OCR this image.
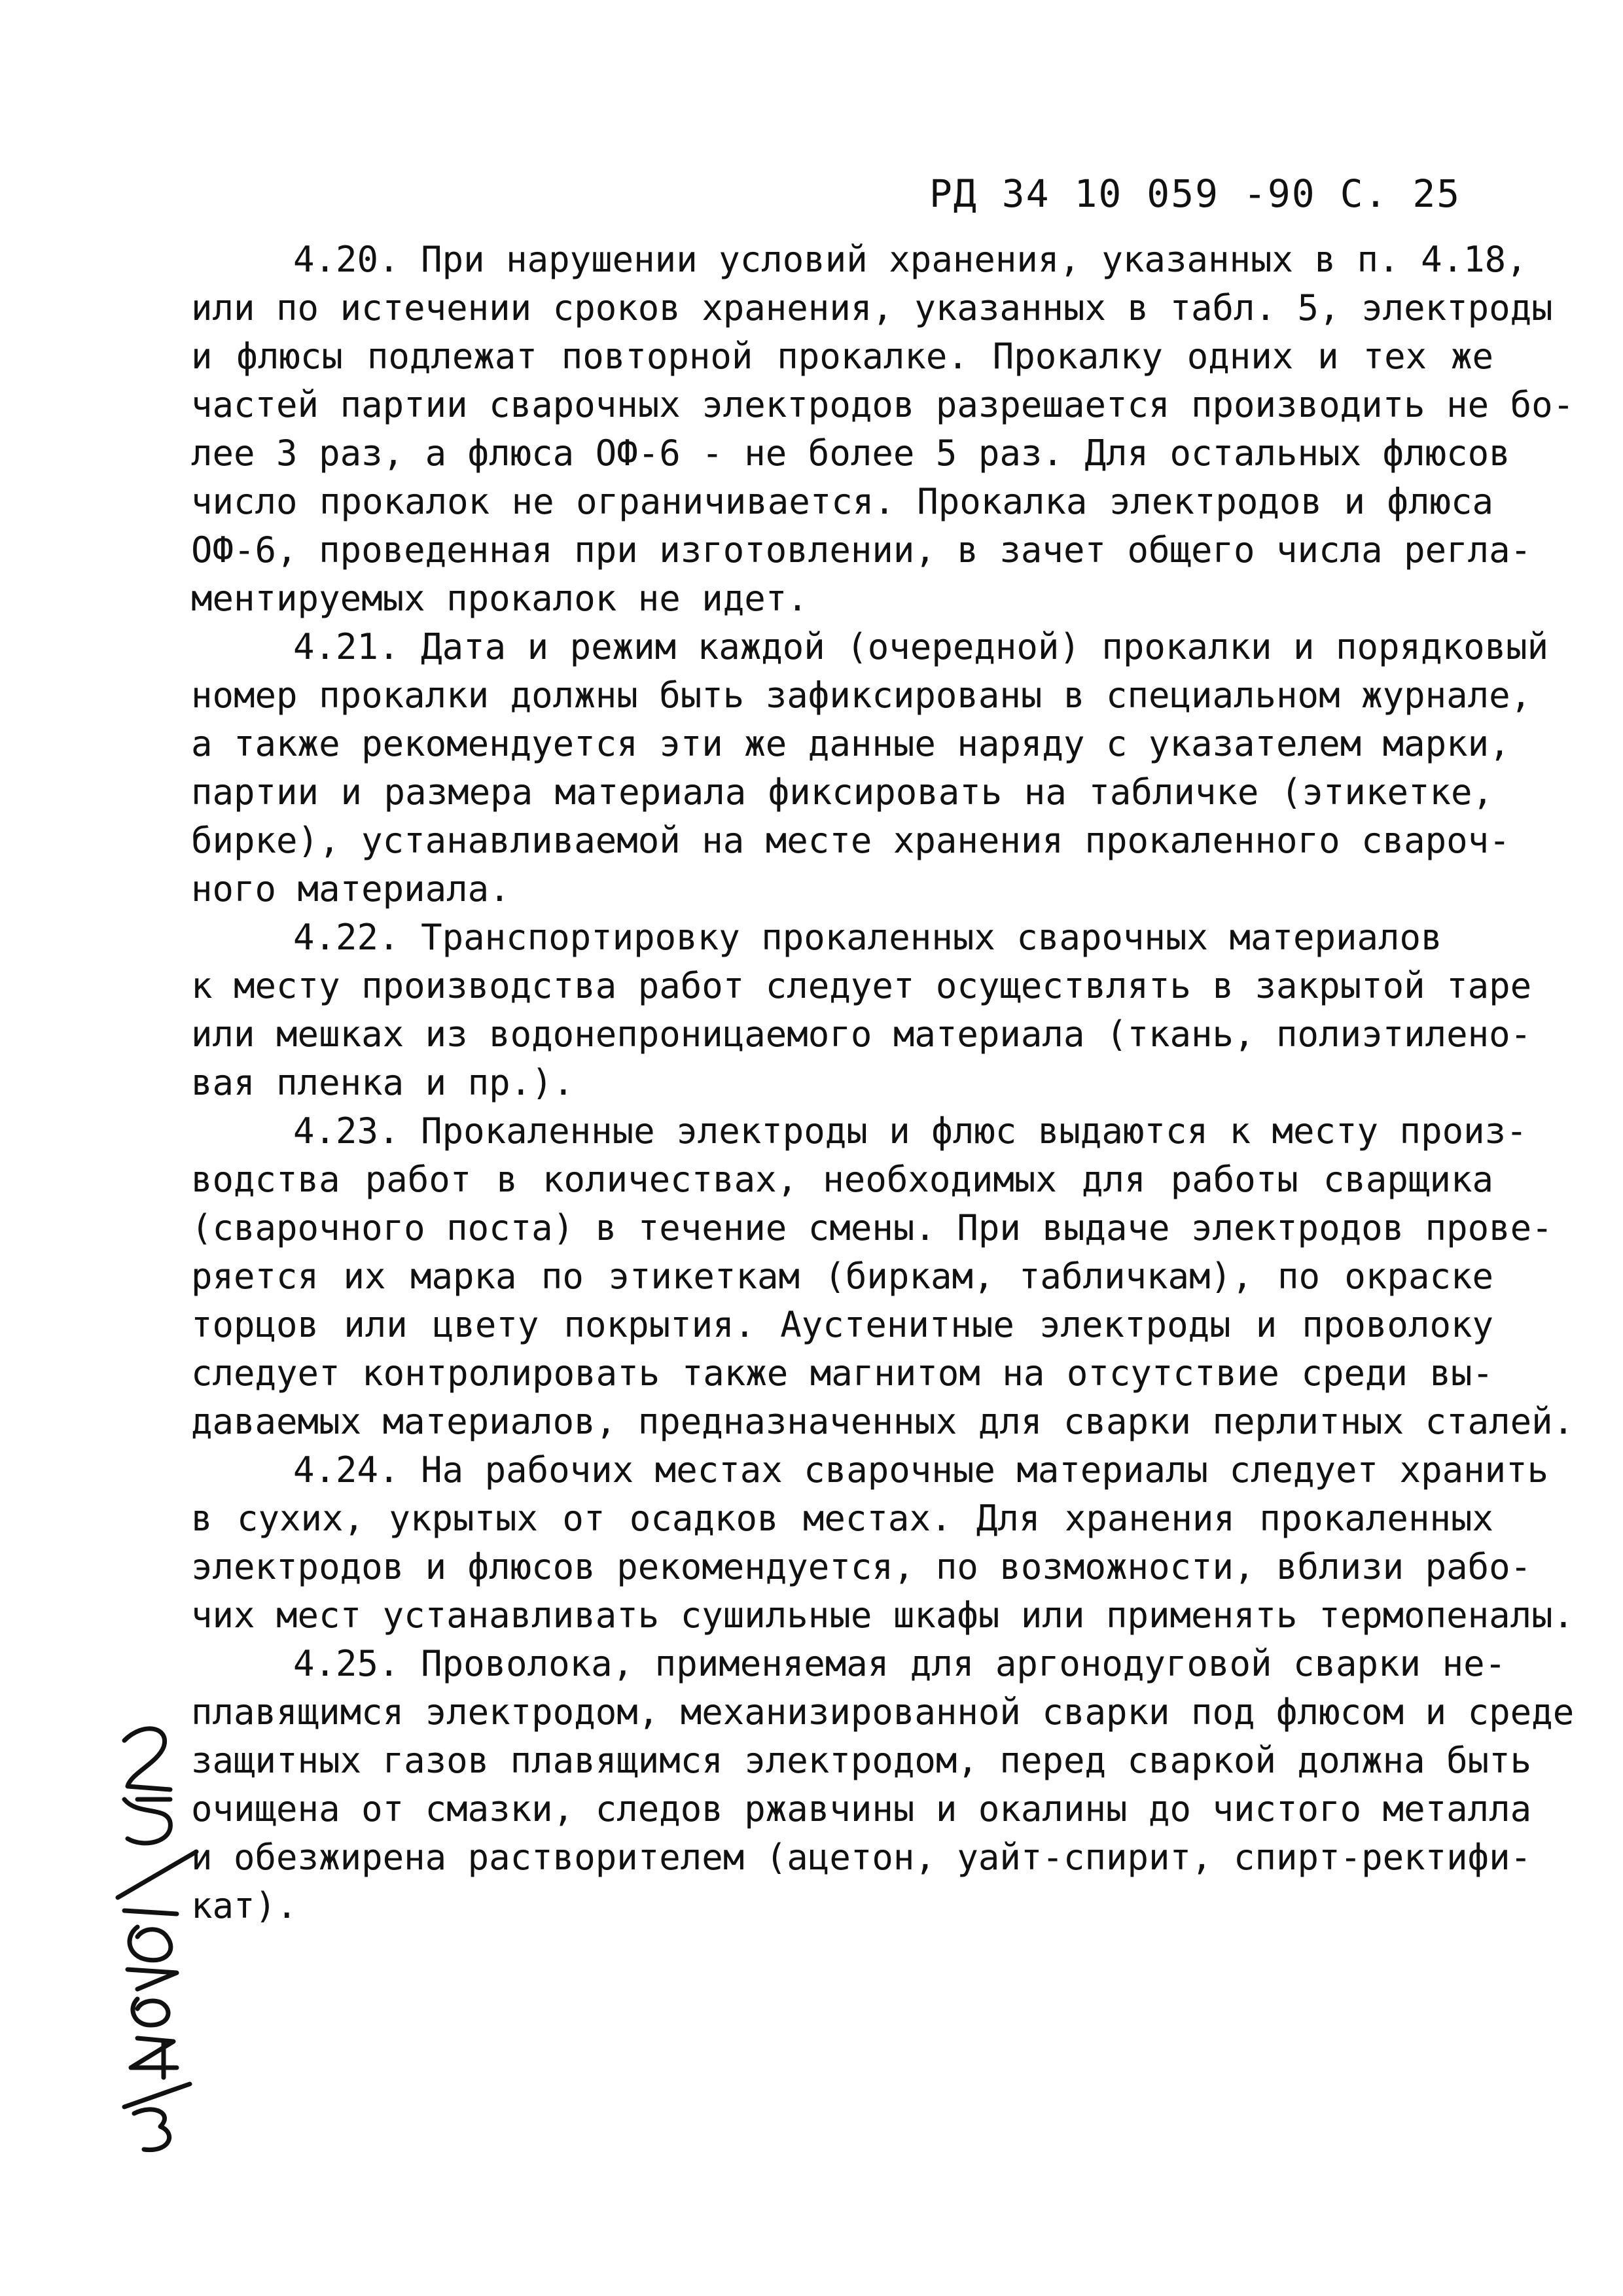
РД 34 10 059 -90 С. 25
4.20. При нарушении условий хранения, указанных в п. 4.18,
или по истечении сроков хранения, указанных в табл. 5, электроды
и флюсы подлежат повторной прокалке. Прокалку одних и тех же
частей партии сварочных электродов разрешается производить не бо-
лее 3 раз, а флюса ОФ-6 - не более 5 раз. Для остальных флюсов
число прокалок не ограничивается. Прокалка электродов и флюса
ОФ-6, проведенная при изготовлении, в зачет общего числа регла-
ментируемых прокалок не идет.
4.21. Дата и режим каждой (очередной) прокалки и порядковый
номер прокалки должны быть зафиксированы в специальном журнале,
а также рекомендуется эти же данные наряду с указателем марки,
партии и размера материала фиксировать на табличке (этикетке,
бирке), устанавливаемой на месте хранения прокаленного свароч-
ного материала.
4.22. Транспортировку прокаленных сварочных материалов
к месту производства работ следует осуществлять в закрытой таре
или мешках из водонепроницаемого материала (ткань, полиэтилено-
вая пленка и пр.).
4.23. Прокаленные электроды и флюс выдаются к месту произ-
водства работ в количествах, необходимых для работы сварщика
(сварочного поста) в течение смены. При выдаче электродов прове-
ряется их марка по этикеткам (биркам, табличкам), по окраске
торцов или цвету покрытия. Аустенитные электроды и проволоку
следует контролировать также магнитом на отсутствие среди вы-
даваемых материалов, предназначенных для сварки перлитных сталей.
4.24. На рабочих местах сварочные материалы следует хранить
в сухих, укрытых от осадков местах. Для хранения прокаленных
электродов и флюсов рекомендуется, по возможности, вблизи рабо-
чих мест устанавливать сушильные шкафы или применять термопеналы.
4.25. Проволока, применяемая для аргонодуговой сварки не-
плавящимся электродом, механизированной сварки под флюсом и среде
защитных газов плавящимся электродом, перед сваркой должна быть
очищена от смазки, следов ржавчины и окалины до чистого металла
и обезжирена растворителем (ацетон, уайт-спирит, спирт-ректифи-
кат).
